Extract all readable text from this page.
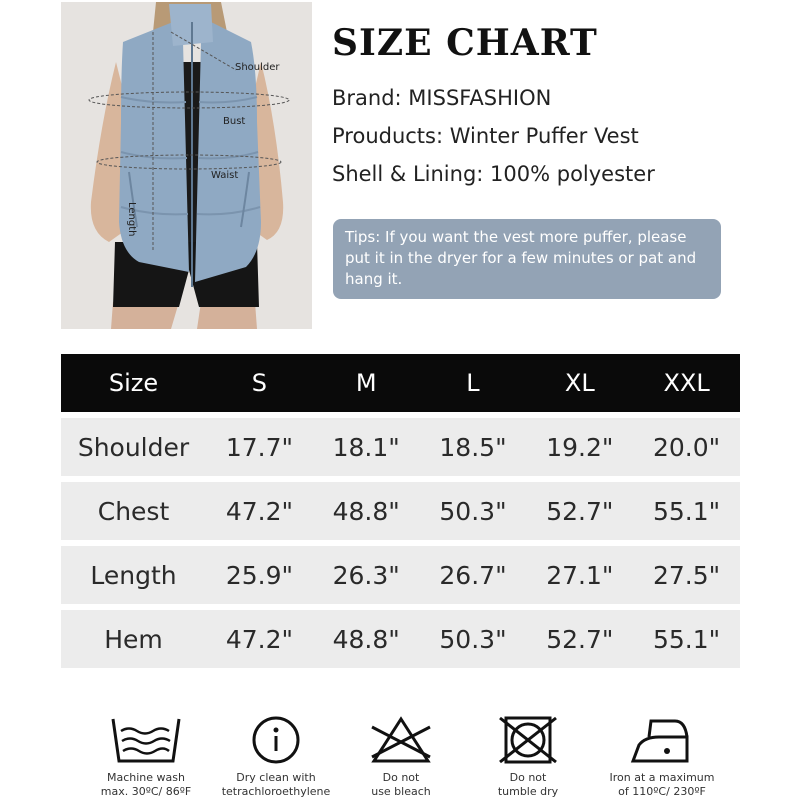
Shoulder
Bust
Waist
Length
SIZE CHART
Brand: MISSFASHION
Prouducts: Winter Puffer Vest
Shell & Lining: 100% polyester
Tips: If you want the vest more puffer, please put it in the dryer for a few minutes or pat and hang it.
Size	S	M	L	XL	XXL
Shoulder	17.7"	18.1"	18.5"	19.2"	20.0"
Chest	47.2"	48.8"	50.3"	52.7"	55.1"
Length	25.9"	26.3"	26.7"	27.1"	27.5"
Hem	47.2"	48.8"	50.3"	52.7"	55.1"
Machine wash
max. 30ºC/ 86ºF
Dry clean with
tetrachloroethylene
Do not
use bleach
Do not
tumble dry
Iron at a maximum
of 110ºC/ 230ºF
